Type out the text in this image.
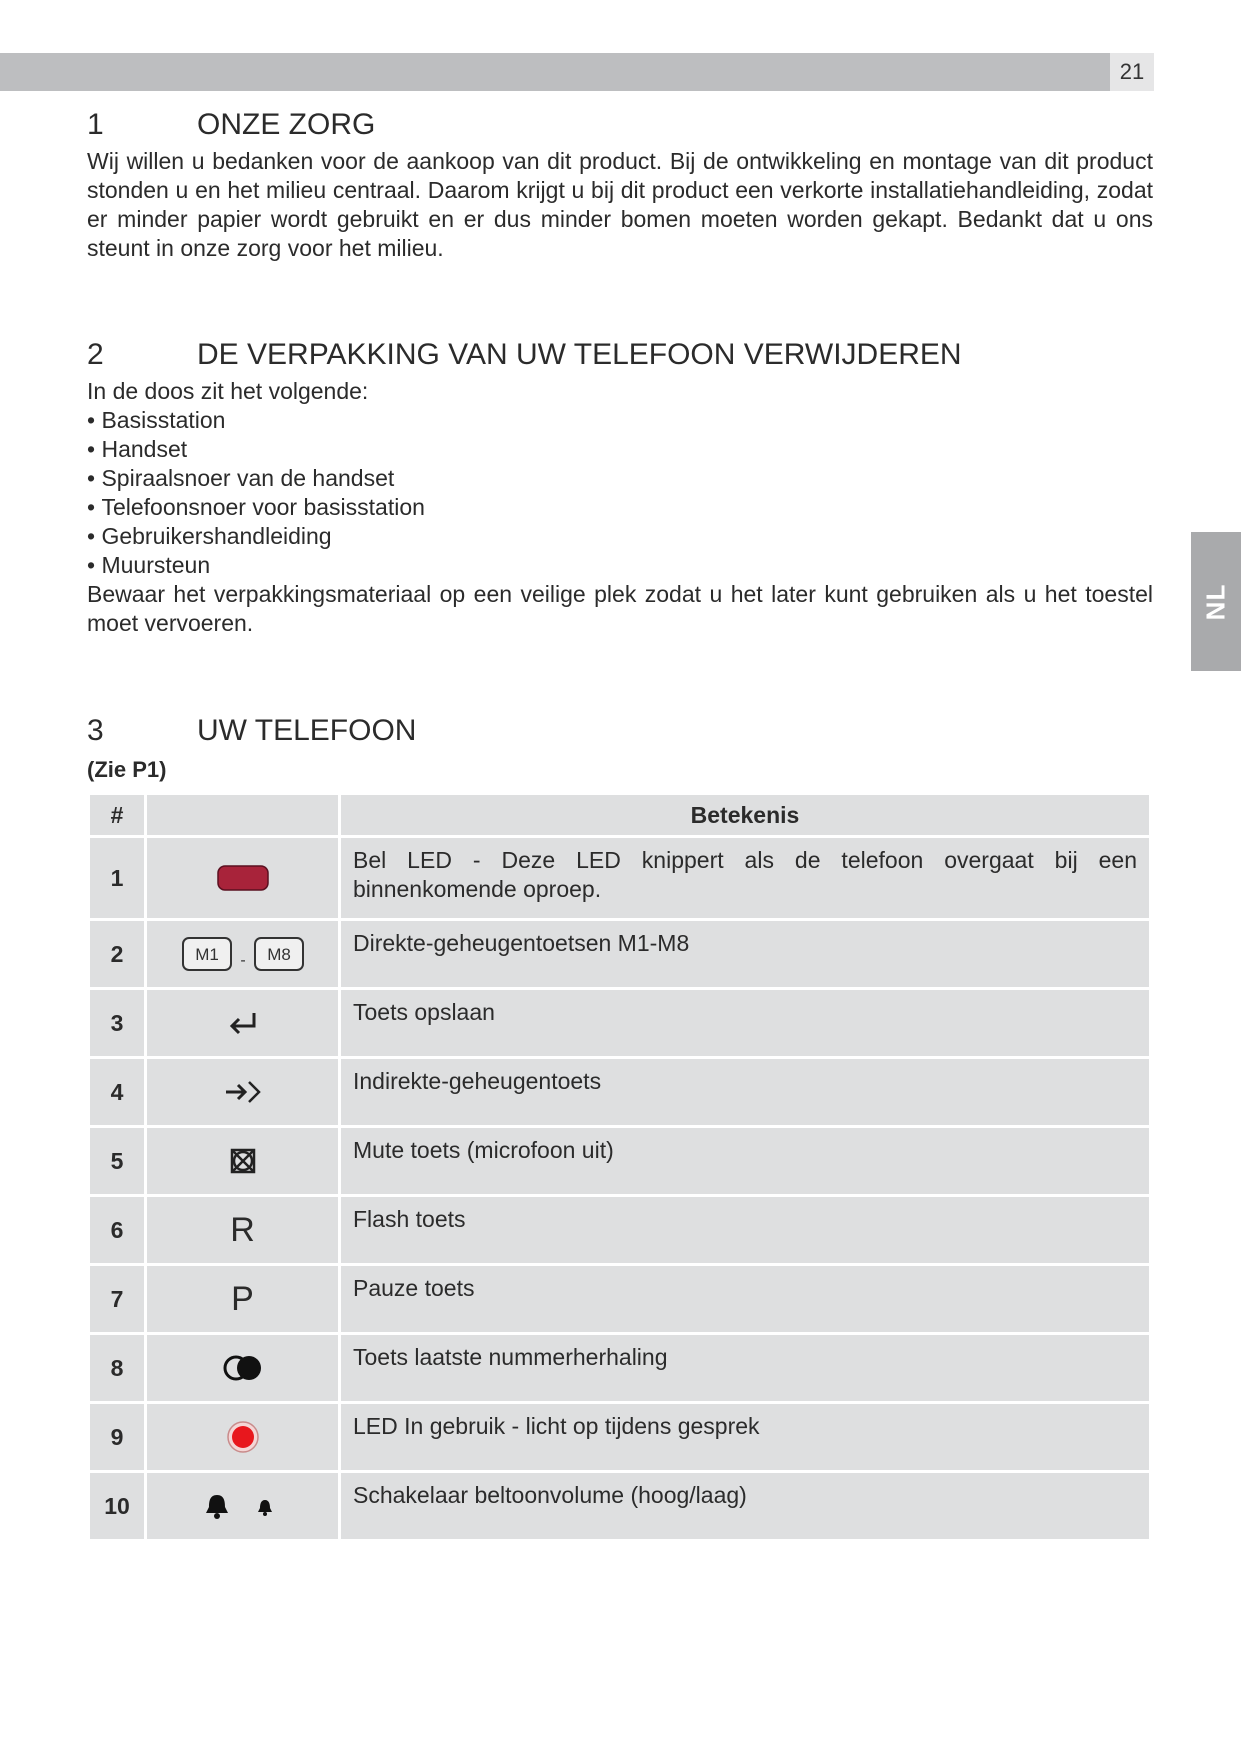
21
NL
1	ONZE ZORG

Wij willen u bedanken voor de aankoop van dit product. Bij de ontwikkeling en montage van dit product stonden u en het milieu centraal. Daarom krijgt u bij dit product een verkorte installatiehandleiding, zodat er minder papier wordt gebruikt en er dus minder bomen moeten worden gekapt. Bedankt dat u ons steunt in onze zorg voor het milieu.

2	DE VERPAKKING VAN UW TELEFOON VERWIJDEREN

In de doos zit het volgende:

• Basisstation
• Handset
• Spiraalsnoer van de handset
• Telefoonsnoer voor basisstation
• Gebruikershandleiding
• Muursteun

Bewaar het verpakkingsmateriaal op een veilige plek zodat u het later kunt gebruiken als u het toestel moet vervoeren.

3	UW TELEFOON
(Zie P1)
#		Betekenis
1		Bel LED - Deze LED knippert als de telefoon overgaat bij een binnenkomende oproep.
2	M1 - M8	Direkte-geheugentoetsen M1-M8
3		Toets opslaan
4		Indirekte-geheugentoets
5		Mute toets (microfoon uit)
6	R	Flash toets
7	P	Pauze toets
8		Toets laatste nummerherhaling
9		LED In gebruik - licht op tijdens gesprek
10		Schakelaar beltoonvolume (hoog/laag)
